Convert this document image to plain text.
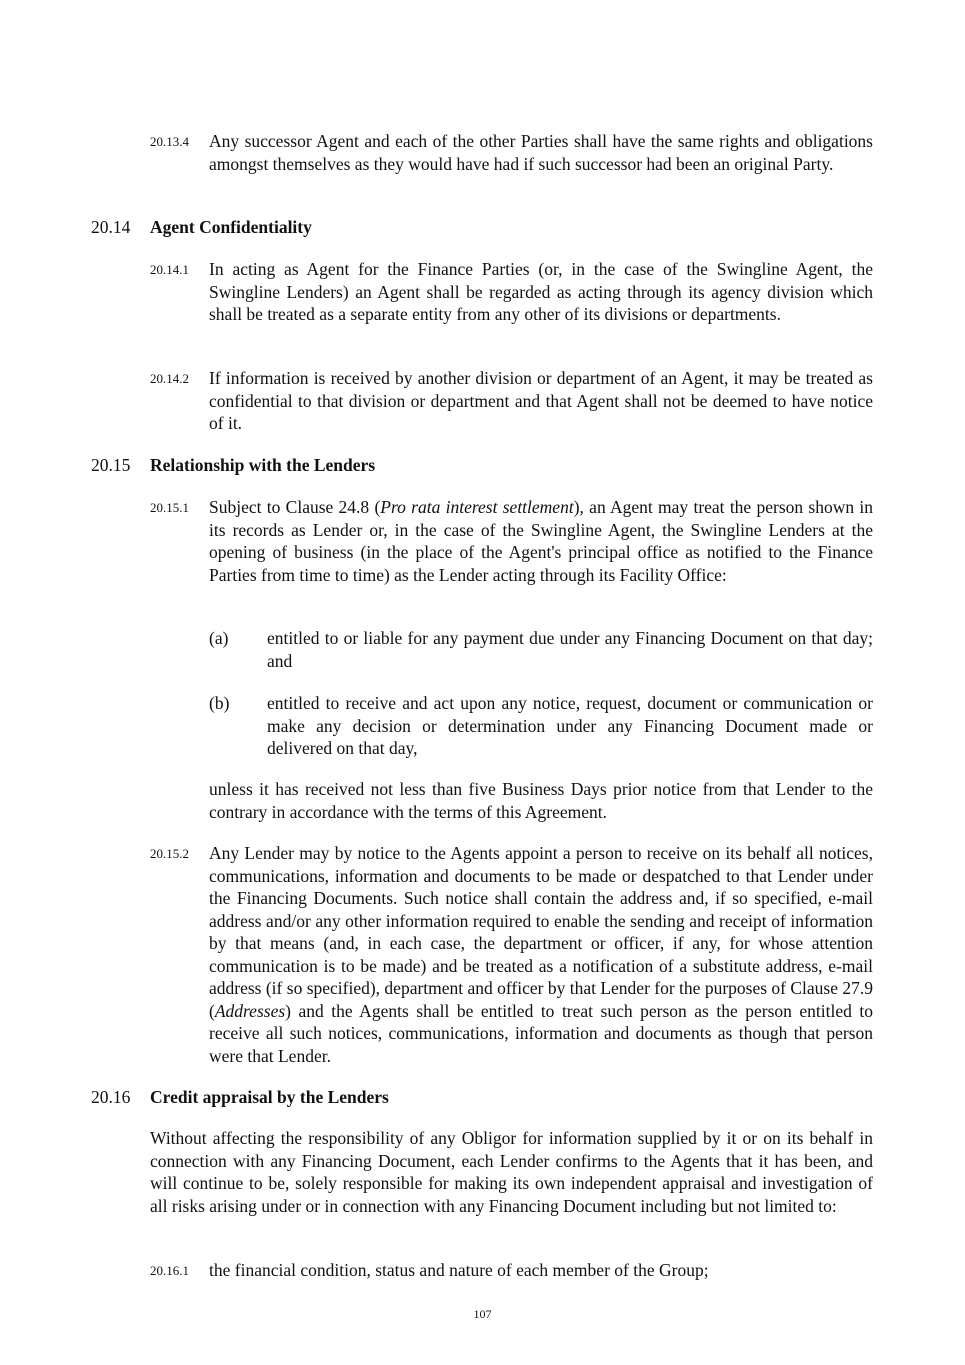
20.13.4 Any successor Agent and each of the other Parties shall have the same rights and obligations amongst themselves as they would have had if such successor had been an original Party.
20.14 Agent Confidentiality
20.14.1 In acting as Agent for the Finance Parties (or, in the case of the Swingline Agent, the Swingline Lenders) an Agent shall be regarded as acting through its agency division which shall be treated as a separate entity from any other of its divisions or departments.
20.14.2 If information is received by another division or department of an Agent, it may be treated as confidential to that division or department and that Agent shall not be deemed to have notice of it.
20.15 Relationship with the Lenders
20.15.1 Subject to Clause 24.8 (Pro rata interest settlement), an Agent may treat the person shown in its records as Lender or, in the case of the Swingline Agent, the Swingline Lenders at the opening of business (in the place of the Agent's principal office as notified to the Finance Parties from time to time) as the Lender acting through its Facility Office:
(a) entitled to or liable for any payment due under any Financing Document on that day; and
(b) entitled to receive and act upon any notice, request, document or communication or make any decision or determination under any Financing Document made or delivered on that day,
unless it has received not less than five Business Days prior notice from that Lender to the contrary in accordance with the terms of this Agreement.
20.15.2 Any Lender may by notice to the Agents appoint a person to receive on its behalf all notices, communications, information and documents to be made or despatched to that Lender under the Financing Documents. Such notice shall contain the address and, if so specified, e-mail address and/or any other information required to enable the sending and receipt of information by that means (and, in each case, the department or officer, if any, for whose attention communication is to be made) and be treated as a notification of a substitute address, e-mail address (if so specified), department and officer by that Lender for the purposes of Clause 27.9 (Addresses) and the Agents shall be entitled to treat such person as the person entitled to receive all such notices, communications, information and documents as though that person were that Lender.
20.16 Credit appraisal by the Lenders
Without affecting the responsibility of any Obligor for information supplied by it or on its behalf in connection with any Financing Document, each Lender confirms to the Agents that it has been, and will continue to be, solely responsible for making its own independent appraisal and investigation of all risks arising under or in connection with any Financing Document including but not limited to:
20.16.1 the financial condition, status and nature of each member of the Group;
107
